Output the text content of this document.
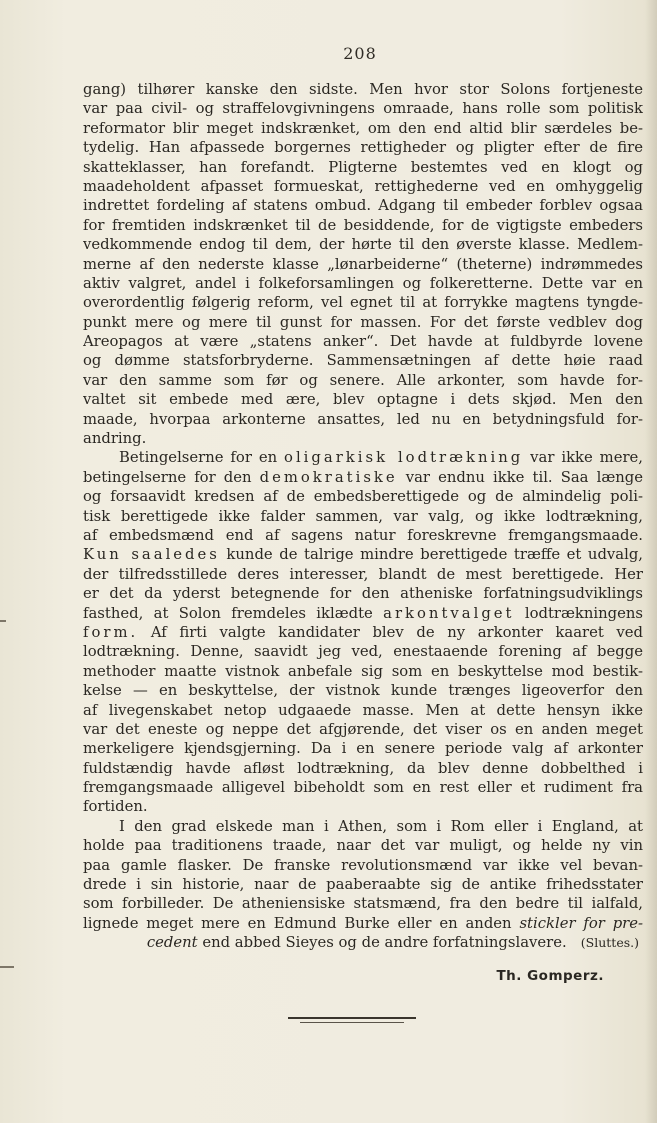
208
gang) tilhører kanske den sidste. Men hvor stor Solons fortjeneste
var paa civil- og straffelovgivningens omraade, hans rolle som politisk
reformator blir meget indskrænket, om den end altid blir særdeles be-
tydelig. Han afpassede borgernes rettigheder og pligter efter de fire
skatteklasser, han forefandt. Pligterne bestemtes ved en klogt og
maadeholdent afpasset formueskat, rettighederne ved en omhyggelig
indrettet fordeling af statens ombud. Adgang til embeder forblev ogsaa
for fremtiden indskrænket til de besiddende, for de vigtigste embeders
vedkommende endog til dem, der hørte til den øverste klasse. Medlem-
merne af den nederste klasse „lønarbeiderne“ (theterne) indrømmedes
aktiv valgret, andel i folkeforsamlingen og folkeretterne. Dette var en
overordentlig følgerig reform, vel egnet til at forrykke magtens tyngde-
punkt mere og mere til gunst for massen. For det første vedblev dog
Areopagos at være „statens anker“. Det havde at fuldbyrde lovene
og dømme statsforbryderne. Sammensætningen af dette høie raad
var den samme som før og senere. Alle arkonter, som havde for-
valtet sit embede med ære, blev optagne i dets skjød. Men den
maade, hvorpaa arkonterne ansattes, led nu en betydningsfuld for-
andring.
Betingelserne for en oligarkisk lodtrækning var ikke mere,
betingelserne for den demokratiske var endnu ikke til. Saa længe
og forsaavidt kredsen af de embedsberettigede og de almindelig poli-
tisk berettigede ikke falder sammen, var valg, og ikke lodtrækning,
af embedsmænd end af sagens natur foreskrevne fremgangsmaade.
Kun saaledes kunde de talrige mindre berettigede træffe et udvalg,
der tilfredsstillede deres interesser, blandt de mest berettigede. Her
er det da yderst betegnende for den atheniske forfatningsudviklings
fasthed, at Solon fremdeles iklædte arkontvalget lodtrækningens
form. Af firti valgte kandidater blev de ny arkonter kaaret ved
lodtrækning. Denne, saavidt jeg ved, enestaaende forening af begge
methoder maatte vistnok anbefale sig som en beskyttelse mod bestik-
kelse — en beskyttelse, der vistnok kunde trænges ligeoverfor den
af livegenskabet netop udgaaede masse. Men at dette hensyn ikke
var det eneste og neppe det afgjørende, det viser os en anden meget
merkeligere kjendsgjerning. Da i en senere periode valg af arkonter
fuldstændig havde afløst lodtrækning, da blev denne dobbelthed i
fremgangsmaade alligevel bibeholdt som en rest eller et rudiment fra
fortiden.
I den grad elskede man i Athen, som i Rom eller i England, at
holde paa traditionens traade, naar det var muligt, og helde ny vin
paa gamle flasker. De franske revolutionsmænd var ikke vel bevan-
drede i sin historie, naar de paaberaabte sig de antike frihedsstater
som forbilleder. De atheniensiske statsmænd, fra den bedre til ialfald,
lignede meget mere en Edmund Burke eller en anden stickler for pre-
cedent end abbed Sieyes og de andre forfatningslavere. (Sluttes.)
Th. Gomperz.
